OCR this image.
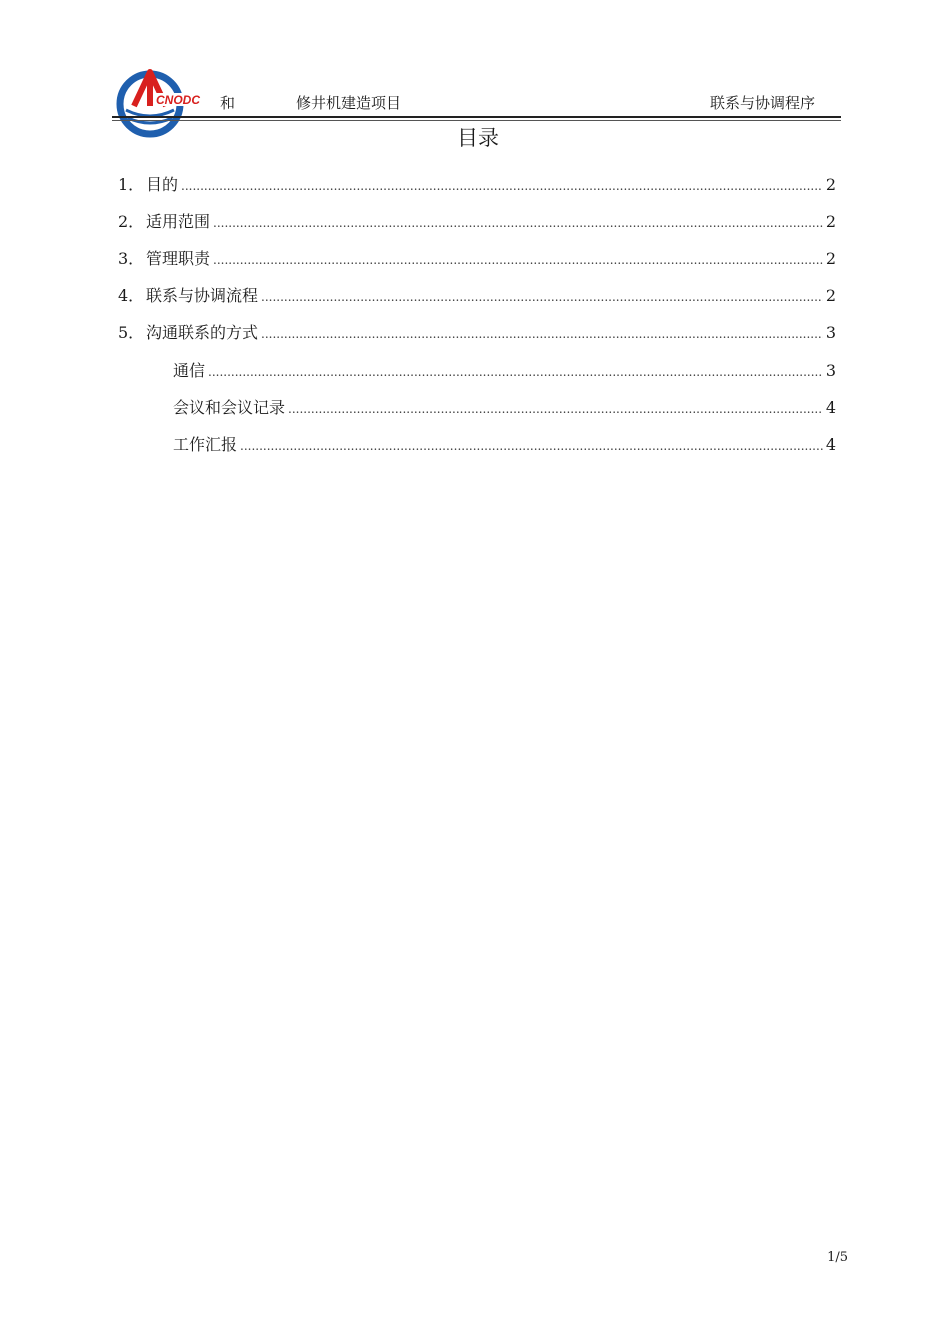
CNODC 和	修井机建造项目	联系与协调程序
目录
1． 目的 .....	2
2． 适用范围 .....	2
3． 管理职责 .....	2
4． 联系与协调流程 .....	2
5． 沟通联系的方式 .....	3
通信 .....	3
会议和会议记录 .....	4
工作汇报 .....	4
1/5
